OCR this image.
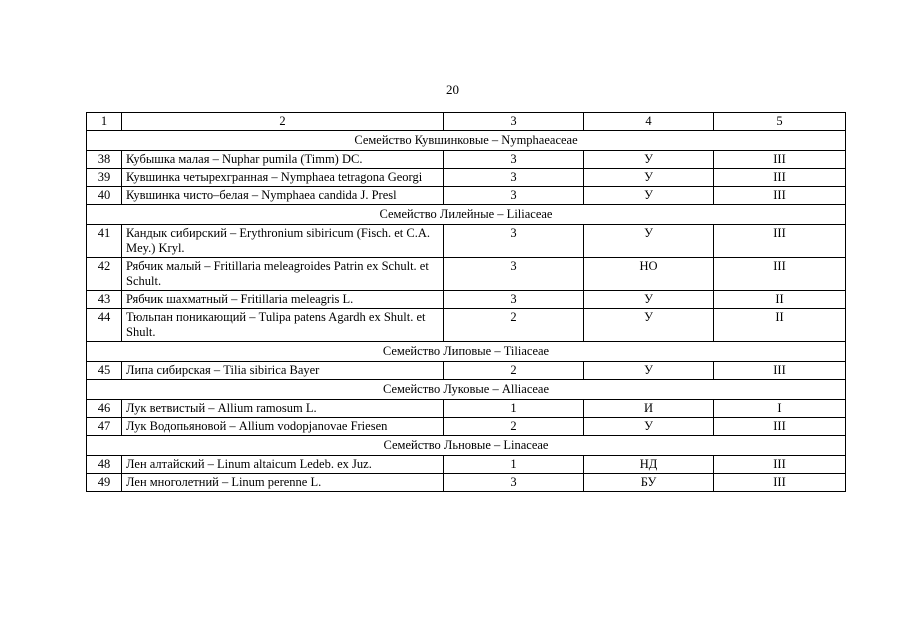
20
1	2	3	4	5
Семейство Кувшинковые – Nymphaeaceae				
38	Кубышка малая – Nuphar pumila (Timm) DC.	3	У	III
39	Кувшинка четырехгранная – Nymphaea tetragona Georgi	3	У	III
40	Кувшинка чисто–белая – Nymphaea candida J. Presl	3	У	III
Семейство Лилейные – Liliaceae				
41	Кандык сибирский – Erythronium sibiricum (Fisch. et C.A. Mey.) Kryl.	3	У	III
42	Рябчик малый – Fritillaria meleagroides Patrin ex Schult. et Schult.	3	НО	III
43	Рябчик шахматный – Fritillaria meleagris L.	3	У	II
44	Тюльпан поникающий – Tulipa patens Agardh ex Shult. et Shult.	2	У	II
Семейство Липовые – Tiliaceae				
45	Липа сибирская – Tilia sibirica Bayer	2	У	III
Семейство Луковые – Alliaceae				
46	Лук ветвистый – Allium ramosum L.	1	И	I
47	Лук Водопьяновой – Allium vodopjanovae Friesen	2	У	III
Семейство Льновые – Linaceae				
48	Лен алтайский – Linum altaicum Ledeb. ex Juz.	1	НД	III
49	Лен многолетний – Linum perenne L.	3	БУ	III
